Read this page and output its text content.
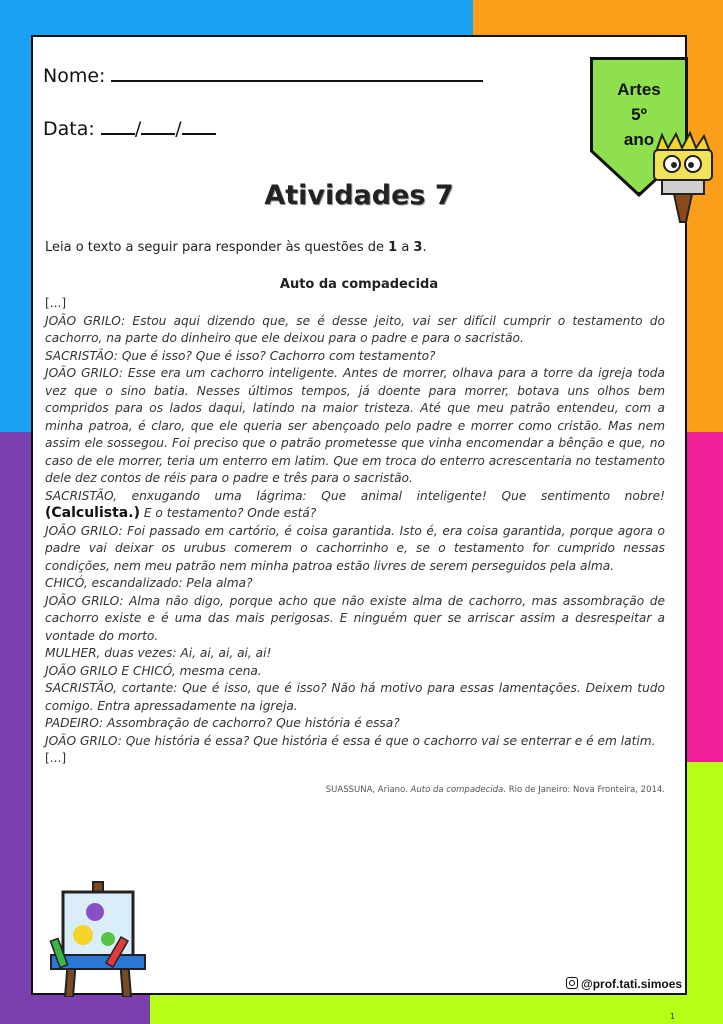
Nome:
Data: / /
Artes
5º
ano
Atividades 7
Leia o texto a seguir para responder às questões de 1 a 3.
Auto da compadecida

[...]

JOÃO GRILO: Estou aqui dizendo que, se é desse jeito, vai ser difícil cumprir o testamento do cachorro, na parte do dinheiro que ele deixou para o padre e para o sacristão.

SACRISTÃO: Que é isso? Que é isso? Cachorro com testamento?

JOÃO GRILO: Esse era um cachorro inteligente. Antes de morrer, olhava para a torre da igreja toda vez que o sino batia. Nesses últimos tempos, já doente para morrer, botava uns olhos bem compridos para os lados daqui, latindo na maior tristeza. Até que meu patrão entendeu, com a minha patroa, é claro, que ele queria ser abençoado pelo padre e morrer como cristão. Mas nem assim ele sossegou. Foi preciso que o patrão prometesse que vinha encomendar a bênção e que, no caso de ele morrer, teria um enterro em latim. Que em troca do enterro acrescentaria no testamento dele dez contos de réis para o padre e três para o sacristão.

SACRISTÃO, enxugando uma lágrima: Que animal inteligente! Que sentimento nobre! (Calculista.) E o testamento? Onde está?

JOÃO GRILO: Foi passado em cartório, é coisa garantida. Isto é, era coisa garantida, porque agora o padre vai deixar os urubus comerem o cachorrinho e, se o testamento for cumprido nessas condições, nem meu patrão nem minha patroa estão livres de serem perseguidos pela alma.

CHICÓ, escandalizado: Pela alma?

JOÃO GRILO: Alma não digo, porque acho que não existe alma de cachorro, mas assombração de cachorro existe e é uma das mais perigosas. E ninguém quer se arriscar assim a desrespeitar a vontade do morto.

MULHER, duas vezes: Ai, ai, ai, ai, ai!

JOÃO GRILO E CHICÓ, mesma cena.

SACRISTÃO, cortante: Que é isso, que é isso? Não há motivo para essas lamentações. Deixem tudo comigo. Entra apressadamente na igreja.

PADEIRO: Assombração de cachorro? Que história é essa?

JOÃO GRILO: Que história é essa? Que história é essa é que o cachorro vai se enterrar e é em latim.

[...]

SUASSUNA, Ariano. Auto da compadecida. Rio de Janeiro: Nova Fronteira, 2014.
@prof.tati.simoes
1
